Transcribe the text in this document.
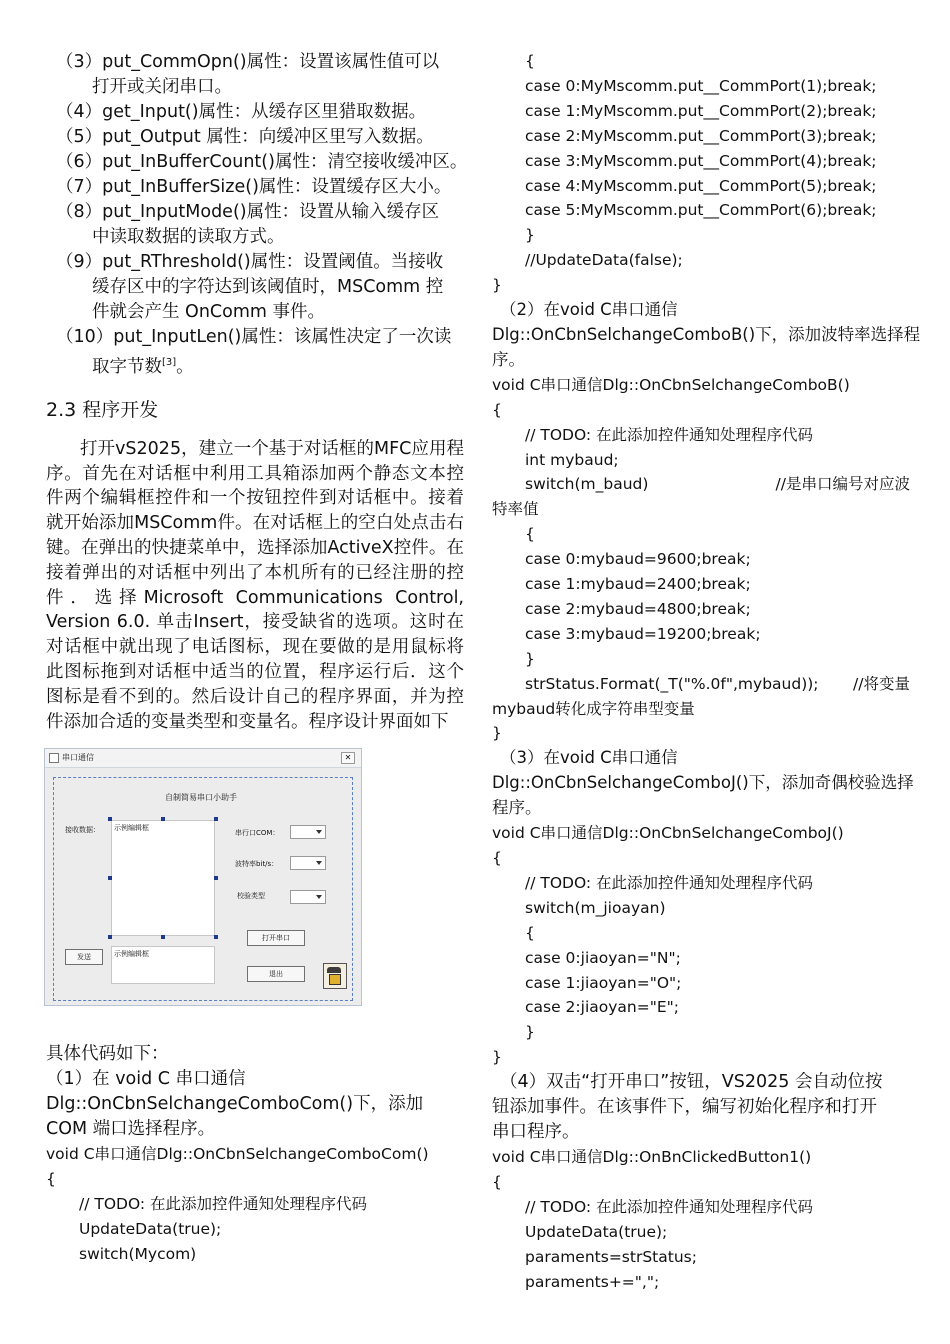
（3）put_CommOpn()属性：设置该属性值可以
打开或关闭串口。

（4）get_Input()属性：从缓存区里猎取数据。

（5）put_Output 属性：向缓冲区里写入数据。

（6）put_InBufferCount()属性：清空接收缓冲区。

（7）put_InBufferSize()属性：设置缓存区大小。

（8）put_InputMode()属性：设置从输入缓存区
中读取数据的读取方式。

（9）put_RThreshold()属性：设置阈值。当接收
缓存区中的字符达到该阈值时，MSComm 控
件就会产生 OnComm 事件。

（10）put_InputLen()属性：该属性决定了一次读
取字节数[3]。

2.3 程序开发

打开vS2025，建立一个基于对话框的MFC应用程序。首先在对话框中利用工具箱添加两个静态文本控件两个编辑框控件和一个按钮控件到对话框中。接着就开始添加MSComm件。在对话框上的空白处点击右键。在弹出的快捷菜单中，选择添加ActiveX控件。在接着弹出的对话框中列出了本机所有的已经注册的控件．选择Microsoft Communications Control, Version 6.0. 单击Insert，接受缺省的选项。这时在对话框中就出现了电话图标，现在要做的是用鼠标将此图标拖到对话框中适当的位置，程序运行后．这个图标是看不到的。然后设计自己的程序界面，并为控件添加合适的变量类型和变量名。程序设计界面如下

串口通信	✕
自制简易串口小助手
接收数据：	示例编辑框
串行口COM：
波特率bit/s：
校验类型
打开串口
发送	示例编辑框
退出

具体代码如下：

（1）在 void C 串口通信
Dlg::OnCbnSelchangeComboCom()下，添加
COM 端口选择程序。

void C串口通信Dlg::OnCbnSelchangeComboCom()

{

// TODO: 在此添加控件通知处理程序代码

UpdateData(true);

switch(Mycom)

{

case 0:MyMscomm.put__CommPort(1);break;

case 1:MyMscomm.put__CommPort(2);break;

case 2:MyMscomm.put__CommPort(3);break;

case 3:MyMscomm.put__CommPort(4);break;

case 4:MyMscomm.put__CommPort(5);break;

case 5:MyMscomm.put__CommPort(6);break;

}

//UpdateData(false);

}

（2）在void C串口通信
Dlg::OnCbnSelchangeComboB()下，添加波特率选择程
序。

void C串口通信Dlg::OnCbnSelchangeComboB()

{

// TODO: 在此添加控件通知处理程序代码

int mybaud;

switch(m_baud)	//是串口编号对应波

特率值

{

case 0:mybaud=9600;break;

case 1:mybaud=2400;break;

case 2:mybaud=4800;break;

case 3:mybaud=19200;break;

}

strStatus.Format(_T("%.0f",mybaud)); //将变量

mybaud转化成字符串型变量

}

（3）在void C串口通信
Dlg::OnCbnSelchangeComboJ()下，添加奇偶校验选择
程序。

void C串口通信Dlg::OnCbnSelchangeComboJ()

{

// TODO: 在此添加控件通知处理程序代码

switch(m_jioayan)

{

case 0:jiaoyan="N";

case 1:jiaoyan="O";

case 2:jiaoyan="E";

}

}

（4）双击“打开串口”按钮，VS2025 会自动位按
钮添加事件。在该事件下，编写初始化程序和打开
串口程序。

void C串口通信Dlg::OnBnClickedButton1()

{

// TODO: 在此添加控件通知处理程序代码

UpdateData(true);

paraments=strStatus;

paraments+=",";
